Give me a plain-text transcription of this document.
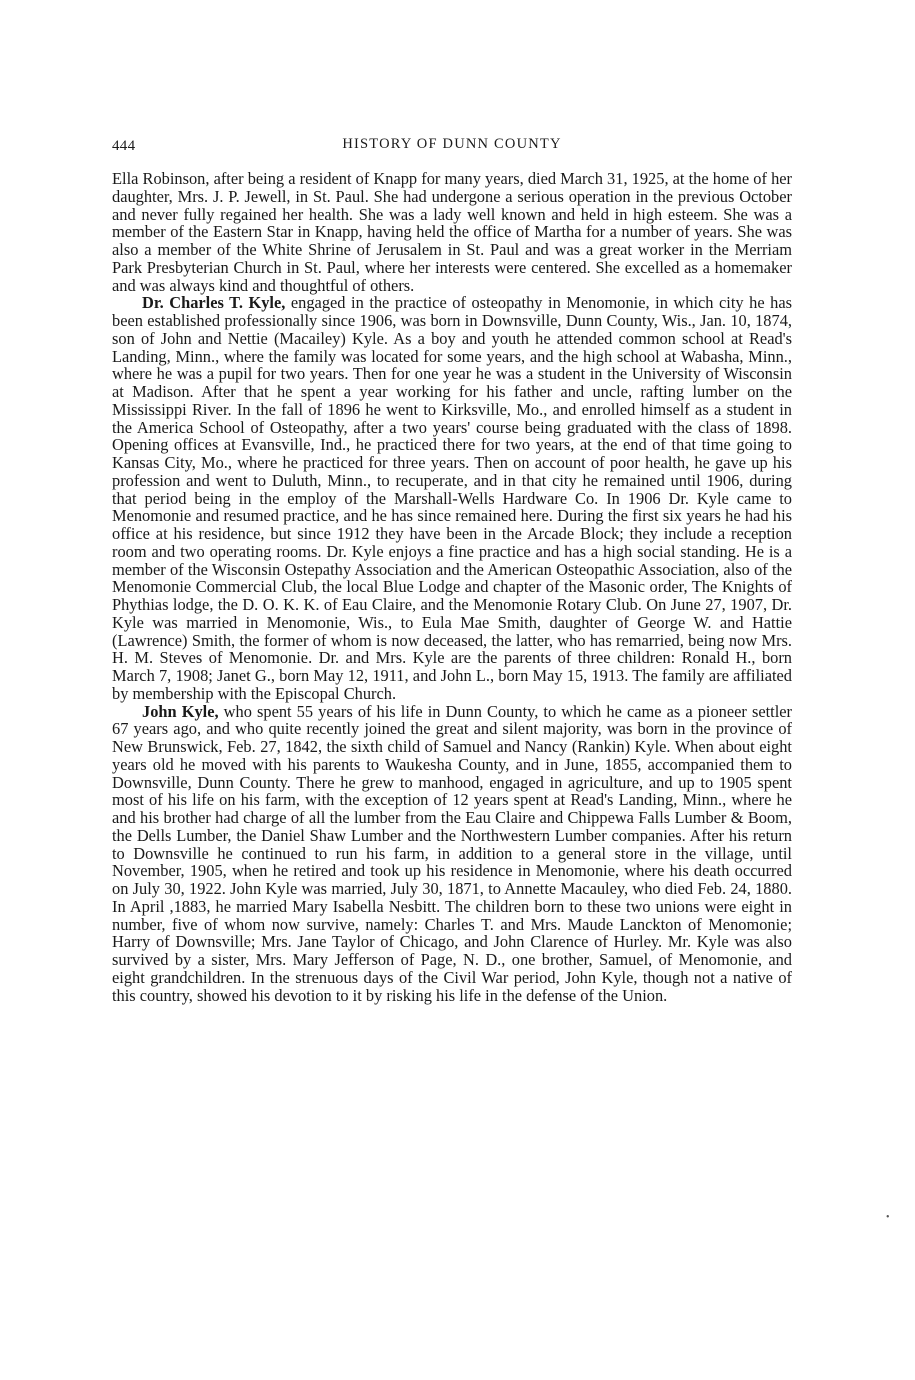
444	HISTORY OF DUNN COUNTY

Ella Robinson, after being a resident of Knapp for many years, died March 31, 1925, at the home of her daughter, Mrs. J. P. Jewell, in St. Paul. She had undergone a serious operation in the previous October and never fully regained her health. She was a lady well known and held in high esteem. She was a member of the Eastern Star in Knapp, having held the office of Martha for a number of years. She was also a member of the White Shrine of Jerusalem in St. Paul and was a great worker in the Merriam Park Presbyterian Church in St. Paul, where her interests were centered. She excelled as a homemaker and was always kind and thoughtful of others.

Dr. Charles T. Kyle, engaged in the practice of osteopathy in Menomonie, in which city he has been established professionally since 1906, was born in Downsville, Dunn County, Wis., Jan. 10, 1874, son of John and Nettie (Macailey) Kyle. As a boy and youth he attended common school at Read's Landing, Minn., where the family was located for some years, and the high school at Wabasha, Minn., where he was a pupil for two years. Then for one year he was a student in the University of Wisconsin at Madison. After that he spent a year working for his father and uncle, rafting lumber on the Mississippi River. In the fall of 1896 he went to Kirksville, Mo., and enrolled himself as a student in the America School of Osteopathy, after a two years' course being graduated with the class of 1898. Opening offices at Evansville, Ind., he practiced there for two years, at the end of that time going to Kansas City, Mo., where he practiced for three years. Then on account of poor health, he gave up his profession and went to Duluth, Minn., to recuperate, and in that city he remained until 1906, during that period being in the employ of the Marshall-Wells Hardware Co. In 1906 Dr. Kyle came to Menomonie and resumed practice, and he has since remained here. During the first six years he had his office at his residence, but since 1912 they have been in the Arcade Block; they include a reception room and two operating rooms. Dr. Kyle enjoys a fine practice and has a high social standing. He is a member of the Wisconsin Ostepathy Association and the American Osteopathic Association, also of the Menomonie Commercial Club, the local Blue Lodge and chapter of the Masonic order, The Knights of Phythias lodge, the D. O. K. K. of Eau Claire, and the Menomonie Rotary Club. On June 27, 1907, Dr. Kyle was married in Menomonie, Wis., to Eula Mae Smith, daughter of George W. and Hattie (Lawrence) Smith, the former of whom is now deceased, the latter, who has remarried, being now Mrs. H. M. Steves of Menomonie. Dr. and Mrs. Kyle are the parents of three children: Ronald H., born March 7, 1908; Janet G., born May 12, 1911, and John L., born May 15, 1913. The family are affiliated by membership with the Episcopal Church.

John Kyle, who spent 55 years of his life in Dunn County, to which he came as a pioneer settler 67 years ago, and who quite recently joined the great and silent majority, was born in the province of New Brunswick, Feb. 27, 1842, the sixth child of Samuel and Nancy (Rankin) Kyle. When about eight years old he moved with his parents to Waukesha County, and in June, 1855, accompanied them to Downsville, Dunn County. There he grew to manhood, engaged in agriculture, and up to 1905 spent most of his life on his farm, with the exception of 12 years spent at Read's Landing, Minn., where he and his brother had charge of all the lumber from the Eau Claire and Chippewa Falls Lumber & Boom, the Dells Lumber, the Daniel Shaw Lumber and the Northwestern Lumber companies. After his return to Downsville he continued to run his farm, in addition to a general store in the village, until November, 1905, when he retired and took up his residence in Menomonie, where his death occurred on July 30, 1922. John Kyle was married, July 30, 1871, to Annette Macauley, who died Feb. 24, 1880. In April ,1883, he married Mary Isabella Nesbitt. The children born to these two unions were eight in number, five of whom now survive, namely: Charles T. and Mrs. Maude Lanckton of Menomonie; Harry of Downsville; Mrs. Jane Taylor of Chicago, and John Clarence of Hurley. Mr. Kyle was also survived by a sister, Mrs. Mary Jefferson of Page, N. D., one brother, Samuel, of Menomonie, and eight grandchildren. In the strenuous days of the Civil War period, John Kyle, though not a native of this country, showed his devotion to it by risking his life in the defense of the Union.

•
